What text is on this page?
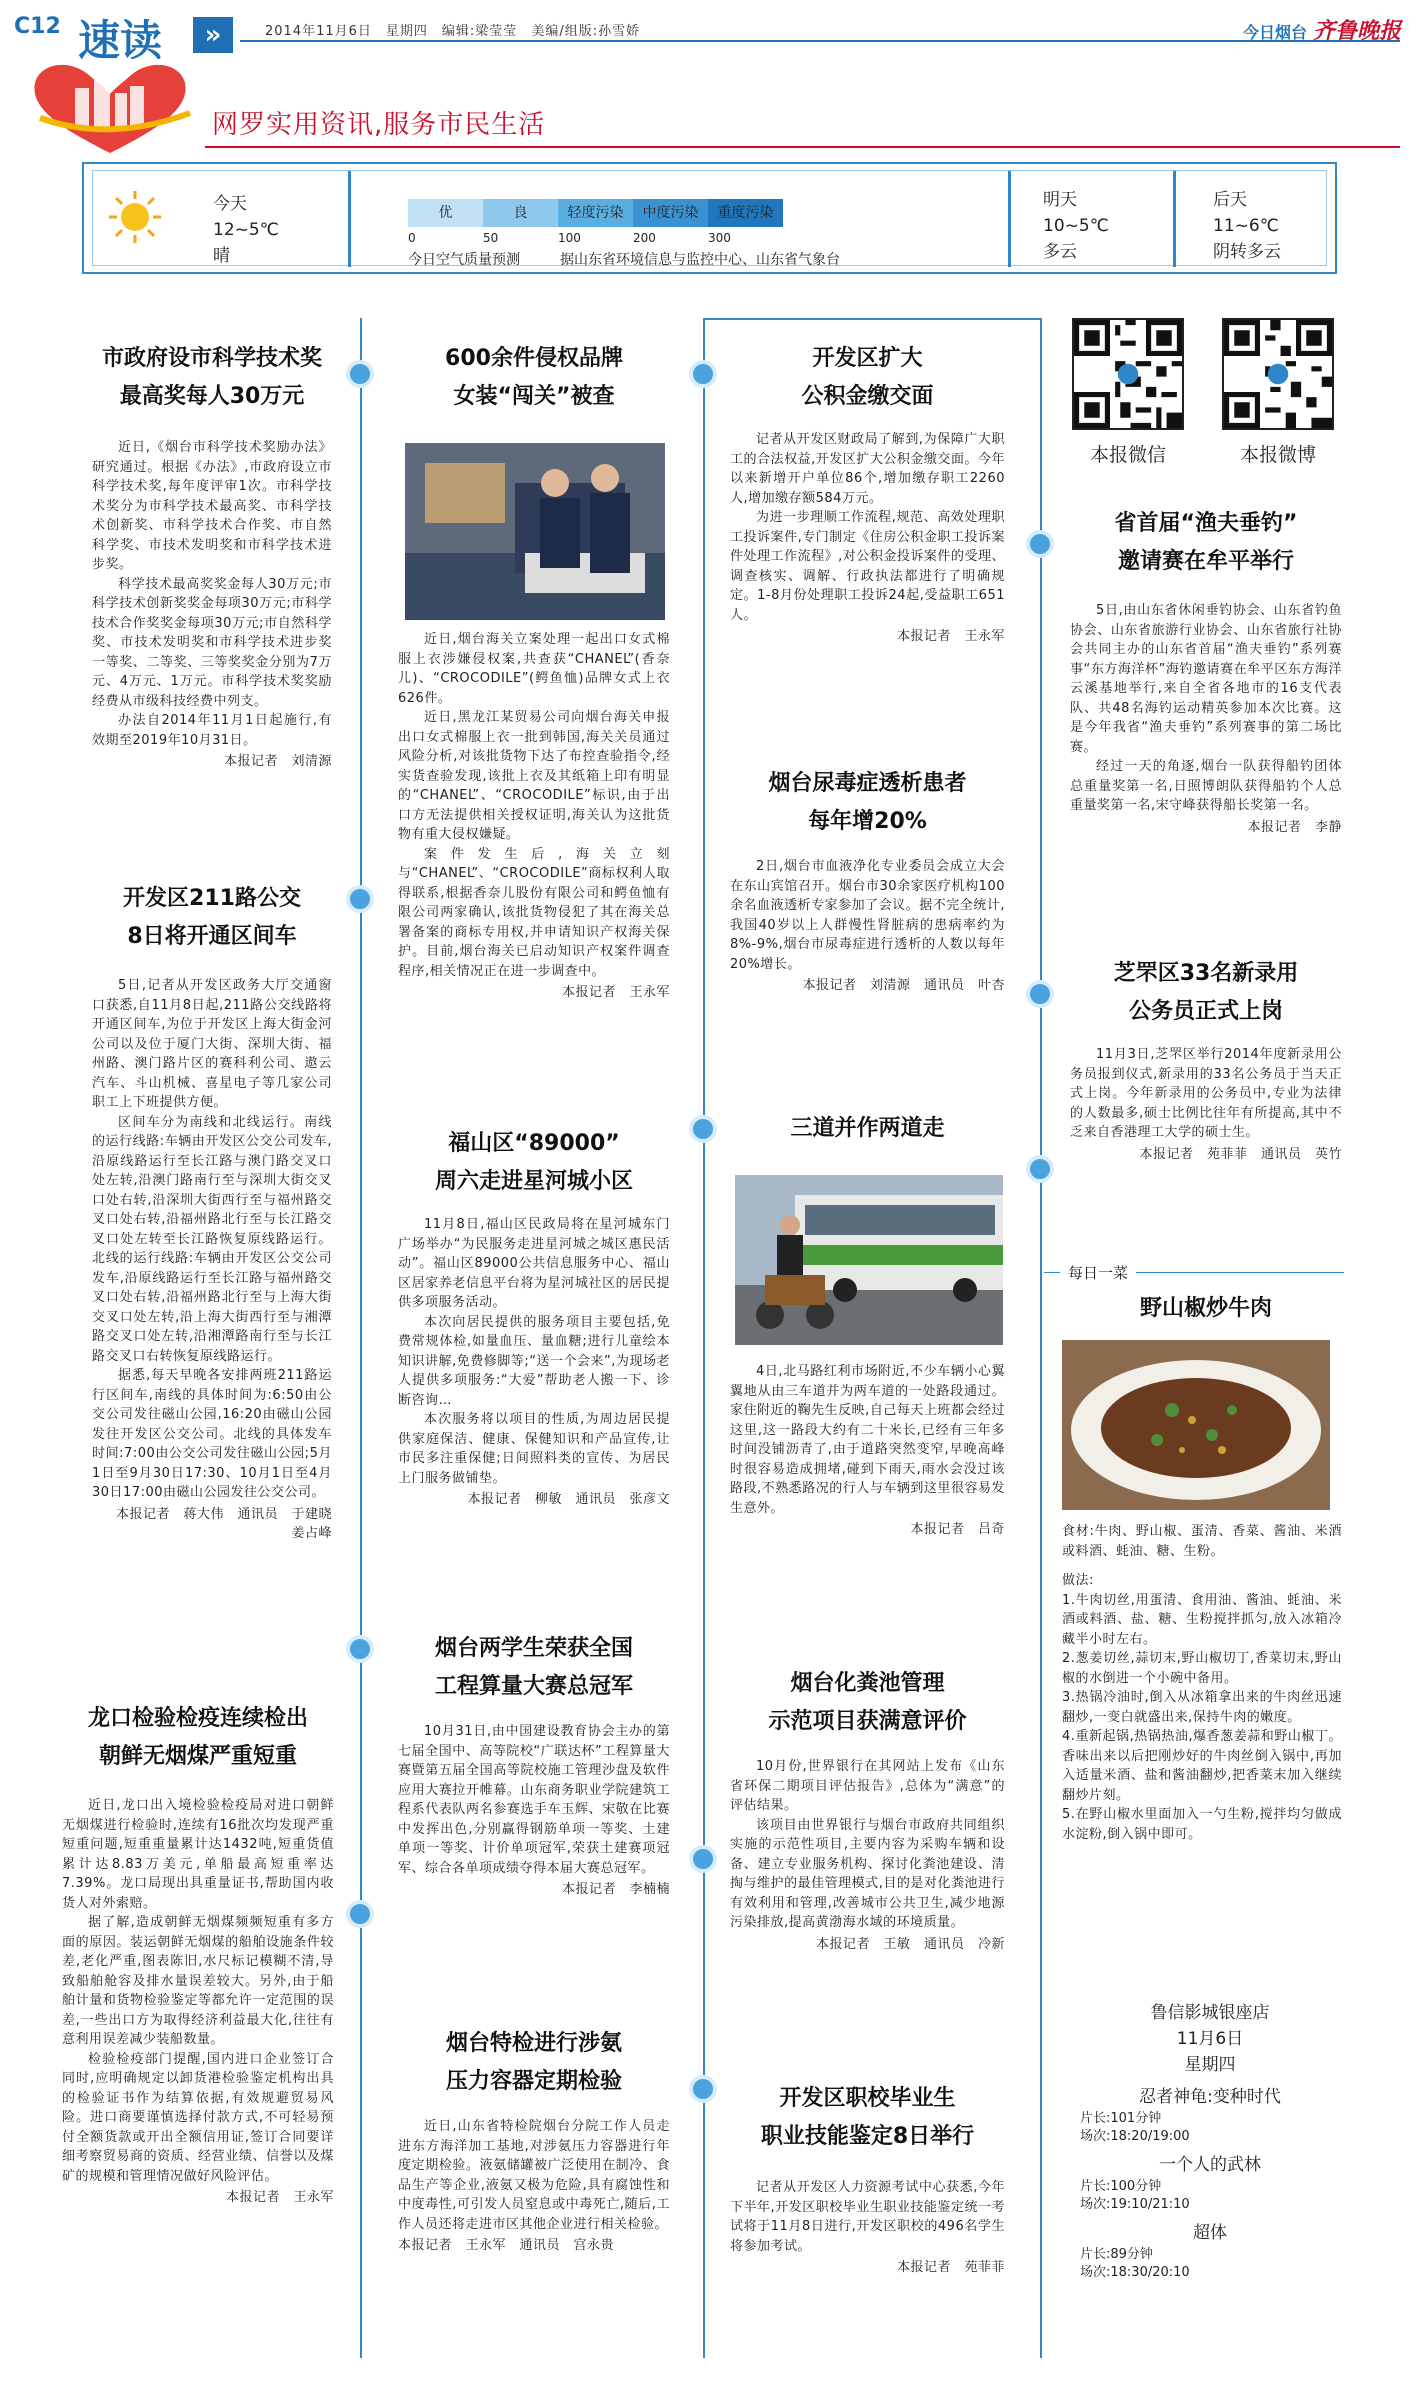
C12 速读	»	2014年11月6日 星期四 编辑:梁莹莹 美编/组版:孙雪娇	今日烟台 齐鲁晚报
网罗实用资讯,服务市民生活
今天
12~5℃
晴
优	良	轻度污染	中度污染	重度污染
0	50	100	200	300
今日空气质量预测	据山东省环境信息与监控中心、山东省气象台
明天
10~5℃
多云
后天
11~6℃
阴转多云
市政府设市科学技术奖
最高奖每人30万元

近日,《烟台市科学技术奖励办法》研究通过。根据《办法》,市政府设立市科学技术奖,每年度评审1次。市科学技术奖分为市科学技术最高奖、市科学技术创新奖、市科学技术合作奖、市自然科学奖、市技术发明奖和市科学技术进步奖。

科学技术最高奖奖金每人30万元;市科学技术创新奖奖金每项30万元;市科学技术合作奖奖金每项30万元;市自然科学奖、市技术发明奖和市科学技术进步奖一等奖、二等奖、三等奖奖金分别为7万元、4万元、1万元。市科学技术奖奖励经费从市级科技经费中列支。

办法自2014年11月1日起施行,有效期至2019年10月31日。

本报记者　刘清源

开发区211路公交
8日将开通区间车

5日,记者从开发区政务大厅交通窗口获悉,自11月8日起,211路公交线路将开通区间车,为位于开发区上海大街金河公司以及位于厦门大街、深圳大街、福州路、澳门路片区的赛科利公司、遨云汽车、斗山机械、喜星电子等几家公司职工上下班提供方便。

区间车分为南线和北线运行。南线的运行线路:车辆由开发区公交公司发车,沿原线路运行至长江路与澳门路交叉口处左转,沿澳门路南行至与深圳大街交叉口处右转,沿深圳大街西行至与福州路交叉口处右转,沿福州路北行至与长江路交叉口处左转至长江路恢复原线路运行。北线的运行线路:车辆由开发区公交公司发车,沿原线路运行至长江路与福州路交叉口处右转,沿福州路北行至与上海大街交叉口处左转,沿上海大街西行至与湘潭路交叉口处左转,沿湘潭路南行至与长江路交叉口右转恢复原线路运行。

据悉,每天早晚各安排两班211路运行区间车,南线的具体时间为:6:50由公交公司发往磁山公园,16:20由磁山公园发往开发区公交公司。北线的具体发车时间:7:00由公交公司发往磁山公园;5月1日至9月30日17:30、10月1日至4月30日17:00由磁山公园发往公交公司。

本报记者　蒋大伟　通讯员　于建晓　姜占峰

龙口检验检疫连续检出
朝鲜无烟煤严重短重

近日,龙口出入境检验检疫局对进口朝鲜无烟煤进行检验时,连续有16批次均发现严重短重问题,短重重量累计达1432吨,短重货值累计达8.83万美元,单船最高短重率达7.39%。龙口局现出具重量证书,帮助国内收货人对外索赔。

据了解,造成朝鲜无烟煤频频短重有多方面的原因。装运朝鲜无烟煤的船舶设施条件较差,老化严重,图表陈旧,水尺标记模糊不清,导致船舶舱容及排水量误差较大。另外,由于船舶计量和货物检验鉴定等都允许一定范围的误差,一些出口方为取得经济利益最大化,往往有意利用误差减少装船数量。

检验检疫部门提醒,国内进口企业签订合同时,应明确规定以卸货港检验鉴定机构出具的检验证书作为结算依据,有效规避贸易风险。进口商要谨慎选择付款方式,不可轻易预付全额货款或开出全额信用证,签订合同要详细考察贸易商的资质、经营业绩、信誉以及煤矿的规模和管理情况做好风险评估。

本报记者　王永军

600余件侵权品牌
女装“闯关”被查

近日,烟台海关立案处理一起出口女式棉服上衣涉嫌侵权案,共查获“CHANEL”(香奈儿)、“CROCODILE”(鳄鱼恤)品牌女式上衣626件。

近日,黑龙江某贸易公司向烟台海关申报出口女式棉服上衣一批到韩国,海关关员通过风险分析,对该批货物下达了布控查验指令,经实货查验发现,该批上衣及其纸箱上印有明显的“CHANEL”、“CROCODILE”标识,由于出口方无法提供相关授权证明,海关认为这批货物有重大侵权嫌疑。

案件发生后,海关立刻与“CHANEL”、“CROCODILE”商标权利人取得联系,根据香奈儿股份有限公司和鳄鱼恤有限公司两家确认,该批货物侵犯了其在海关总署备案的商标专用权,并申请知识产权海关保护。目前,烟台海关已启动知识产权案件调查程序,相关情况正在进一步调查中。

本报记者　王永军

福山区“89000”
周六走进星河城小区

11月8日,福山区民政局将在星河城东门广场举办“为民服务走进星河城之城区惠民活动”。福山区89000公共信息服务中心、福山区居家养老信息平台将为星河城社区的居民提供多项服务活动。

本次向居民提供的服务项目主要包括,免费常规体检,如量血压、量血糖;进行儿童绘本知识讲解,免费修脚等;“送一个会来”,为现场老人提供多项服务:“大爱”帮助老人搬一下、诊断咨询…

本次服务将以项目的性质,为周边居民提供家庭保洁、健康、保健知识和产品宣传,让市民多注重保健;日间照料类的宣传、为居民上门服务做铺垫。

本报记者　柳敏　通讯员　张彦文

烟台两学生荣获全国
工程算量大赛总冠军

10月31日,由中国建设教育协会主办的第七届全国中、高等院校“广联达杯”工程算量大赛暨第五届全国高等院校施工管理沙盘及软件应用大赛拉开帷幕。山东商务职业学院建筑工程系代表队两名参赛选手车玉辉、宋敬在比赛中发挥出色,分别赢得钢筋单项一等奖、土建单项一等奖、计价单项冠军,荣获土建赛项冠军、综合各单项成绩夺得本届大赛总冠军。

本报记者　李楠楠

烟台特检进行涉氨
压力容器定期检验

近日,山东省特检院烟台分院工作人员走进东方海洋加工基地,对涉氨压力容器进行年度定期检验。液氨储罐被广泛使用在制冷、食品生产等企业,液氨又极为危险,具有腐蚀性和中度毒性,可引发人员窒息或中毒死亡,随后,工作人员还将走进市区其他企业进行相关检验。

本报记者　王永军　通讯员　宫永贵

开发区扩大
公积金缴交面

记者从开发区财政局了解到,为保障广大职工的合法权益,开发区扩大公积金缴交面。今年以来新增开户单位86个,增加缴存职工2260人,增加缴存额584万元。

为进一步理顺工作流程,规范、高效处理职工投诉案件,专门制定《住房公积金职工投诉案件处理工作流程》,对公积金投诉案件的受理、调查核实、调解、行政执法都进行了明确规定。1-8月份处理职工投诉24起,受益职工651人。

本报记者　王永军

烟台尿毒症透析患者
每年增20%

2日,烟台市血液净化专业委员会成立大会在东山宾馆召开。烟台市30余家医疗机构100余名血液透析专家参加了会议。据不完全统计,我国40岁以上人群慢性肾脏病的患病率约为8%-9%,烟台市尿毒症进行透析的人数以每年20%增长。

本报记者　刘清源　通讯员　叶杏

三道并作两道走

4日,北马路红利市场附近,不少车辆小心翼翼地从由三车道并为两车道的一处路段通过。家住附近的鞠先生反映,自己每天上班都会经过这里,这一路段大约有二十米长,已经有三年多时间没铺沥青了,由于道路突然变窄,早晚高峰时很容易造成拥堵,碰到下雨天,雨水会没过该路段,不熟悉路况的行人与车辆到这里很容易发生意外。

本报记者　吕奇

烟台化粪池管理
示范项目获满意评价

10月份,世界银行在其网站上发布《山东省环保二期项目评估报告》,总体为“满意”的评估结果。

该项目由世界银行与烟台市政府共同组织实施的示范性项目,主要内容为采购车辆和设备、建立专业服务机构、探讨化粪池建设、清掏与维护的最佳管理模式,目的是对化粪池进行有效利用和管理,改善城市公共卫生,减少地源污染排放,提高黄渤海水域的环境质量。

本报记者　王敏　通讯员　冷新

开发区职校毕业生
职业技能鉴定8日举行

记者从开发区人力资源考试中心获悉,今年下半年,开发区职校毕业生职业技能鉴定统一考试将于11月8日进行,开发区职校的496名学生将参加考试。

本报记者　苑菲菲

本报微信	本报微博
省首届“渔夫垂钓”
邀请赛在牟平举行

5日,由山东省休闲垂钓协会、山东省钓鱼协会、山东省旅游行业协会、山东省旅行社协会共同主办的山东省首届“渔夫垂钓”系列赛事“东方海洋杯”海钓邀请赛在牟平区东方海洋云溪基地举行,来自全省各地市的16支代表队、共48名海钓运动精英参加本次比赛。这是今年我省“渔夫垂钓”系列赛事的第二场比赛。

经过一天的角逐,烟台一队获得船钓团体总重量奖第一名,日照博朗队获得船钓个人总重量奖第一名,宋守峰获得船长奖第一名。

本报记者　李静

芝罘区33名新录用
公务员正式上岗

11月3日,芝罘区举行2014年度新录用公务员报到仪式,新录用的33名公务员于当天正式上岗。今年新录用的公务员中,专业为法律的人数最多,硕士比例比往年有所提高,其中不乏来自香港理工大学的硕士生。

本报记者　苑菲菲　通讯员　英竹

每日一菜
野山椒炒牛肉

食材:牛肉、野山椒、蛋清、香菜、酱油、米酒或料酒、蚝油、糖、生粉。

做法:

1.牛肉切丝,用蛋清、食用油、酱油、蚝油、米酒或料酒、盐、糖、生粉搅拌抓匀,放入冰箱冷藏半小时左右。

2.葱姜切丝,蒜切末,野山椒切丁,香菜切末,野山椒的水倒进一个小碗中备用。

3.热锅冷油时,倒入从冰箱拿出来的牛肉丝迅速翻炒,一变白就盛出来,保持牛肉的嫩度。

4.重新起锅,热锅热油,爆香葱姜蒜和野山椒丁。香味出来以后把刚炒好的牛肉丝倒入锅中,再加入适量米酒、盐和酱油翻炒,把香菜末加入继续翻炒片刻。

5.在野山椒水里面加入一勺生粉,搅拌均匀做成水淀粉,倒入锅中即可。

鲁信影城银座店
11月6日
星期四
忍者神龟:变种时代
片长:101分钟
场次:18:20/19:00
一个人的武林
片长:100分钟
场次:19:10/21:10
超体
片长:89分钟
场次:18:30/20:10
